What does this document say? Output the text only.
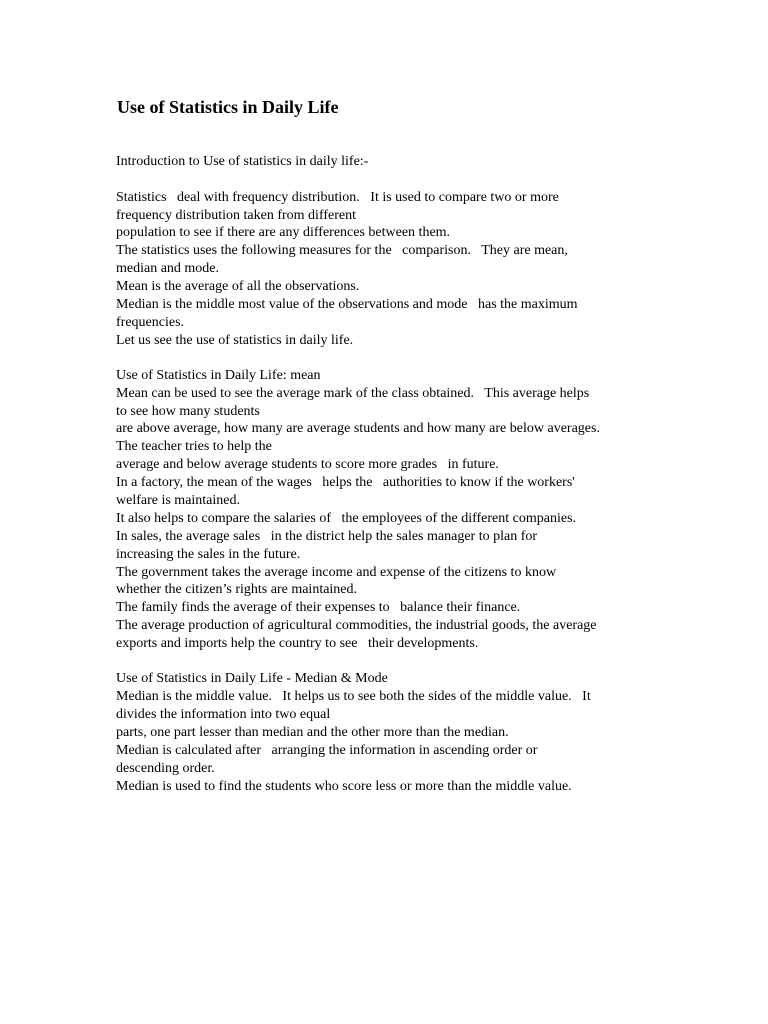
Use of Statistics in Daily Life

Introduction to Use of statistics in daily life:-

Statistics   deal with frequency distribution.   It is used to compare two or more

frequency distribution taken from different

population to see if there are any differences between them.

The statistics uses the following measures for the   comparison.   They are mean,

median and mode.

Mean is the average of all the observations.

Median is the middle most value of the observations and mode   has the maximum

frequencies.

Let us see the use of statistics in daily life.

Use of Statistics in Daily Life: mean

Mean can be used to see the average mark of the class obtained.   This average helps

to see how many students

are above average, how many are average students and how many are below averages.

The teacher tries to help the

average and below average students to score more grades   in future.

In a factory, the mean of the wages   helps the   authorities to know if the workers'

welfare is maintained.

It also helps to compare the salaries of   the employees of the different companies.

In sales, the average sales   in the district help the sales manager to plan for

increasing the sales in the future.

The government takes the average income and expense of the citizens to know

whether the citizen’s rights are maintained.

The family finds the average of their expenses to   balance their finance.

The average production of agricultural commodities, the industrial goods, the average

exports and imports help the country to see   their developments.

Use of Statistics in Daily Life - Median & Mode

Median is the middle value.   It helps us to see both the sides of the middle value.   It

divides the information into two equal

parts, one part lesser than median and the other more than the median.

Median is calculated after   arranging the information in ascending order or

descending order.

Median is used to find the students who score less or more than the middle value.
